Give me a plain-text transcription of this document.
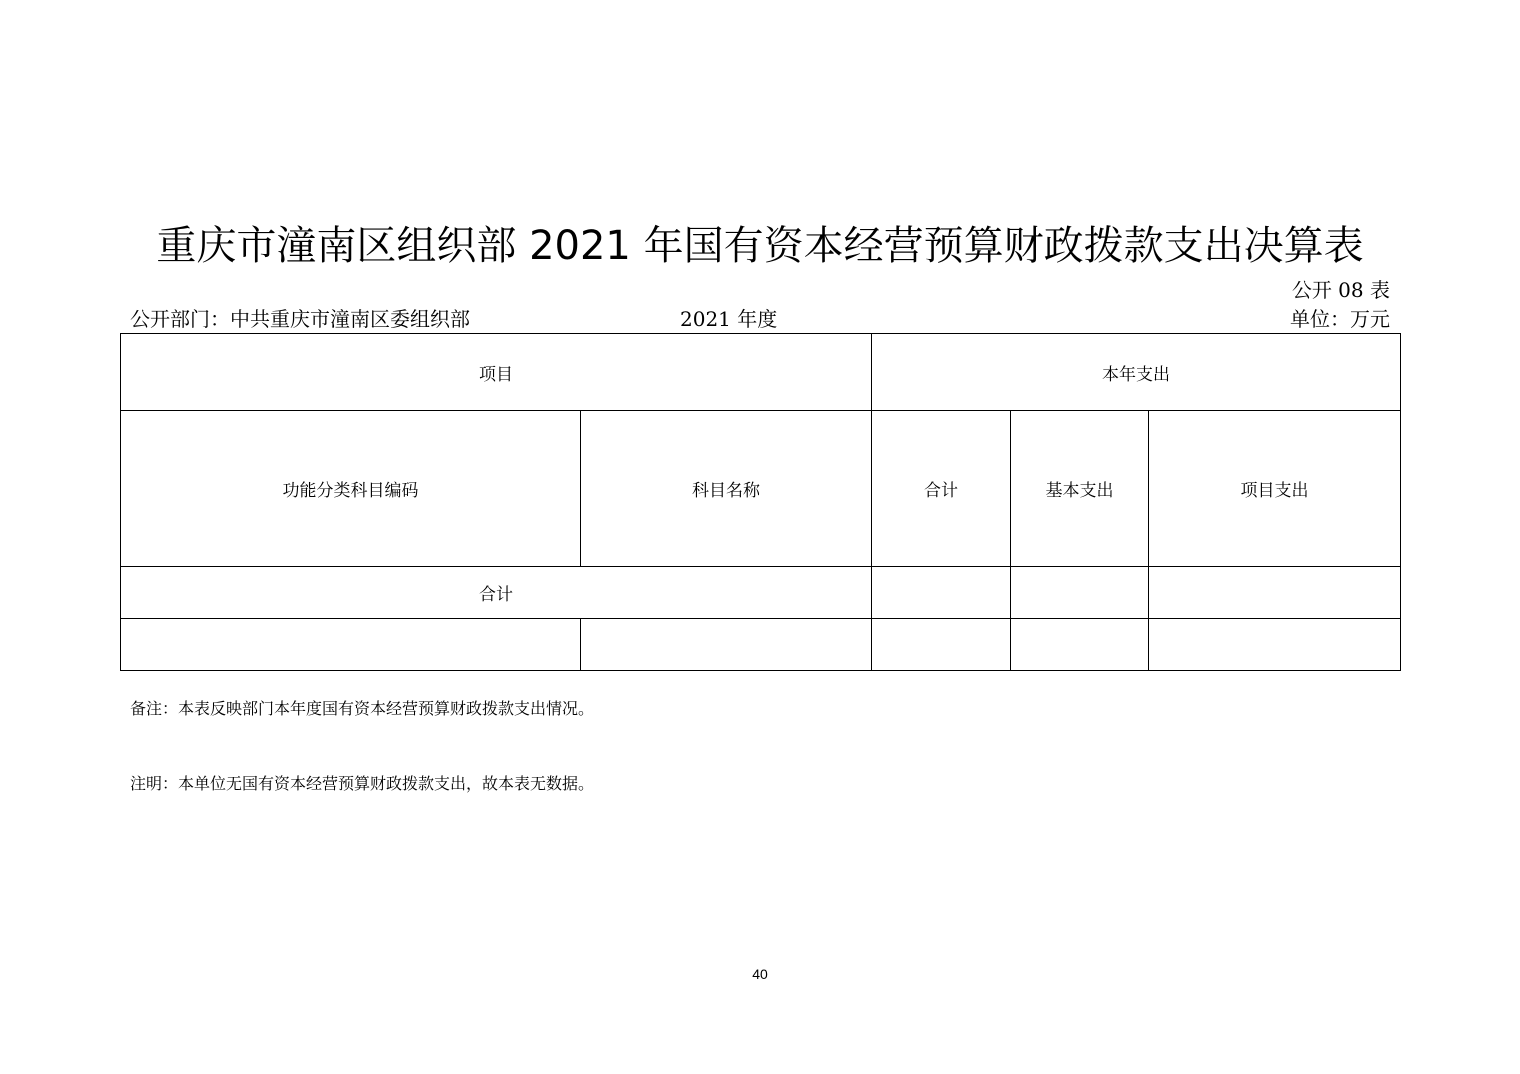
重庆市潼南区组织部 2021 年国有资本经营预算财政拨款支出决算表
公开 08 表
公开部门：中共重庆市潼南区委组织部	2021 年度	单位：万元
项目		本年支出		
功能分类科目编码	科目名称	合计	基本支出	项目支出
合计				

备注：本表反映部门本年度国有资本经营预算财政拨款支出情况。
注明：本单位无国有资本经营预算财政拨款支出，故本表无数据。
40
